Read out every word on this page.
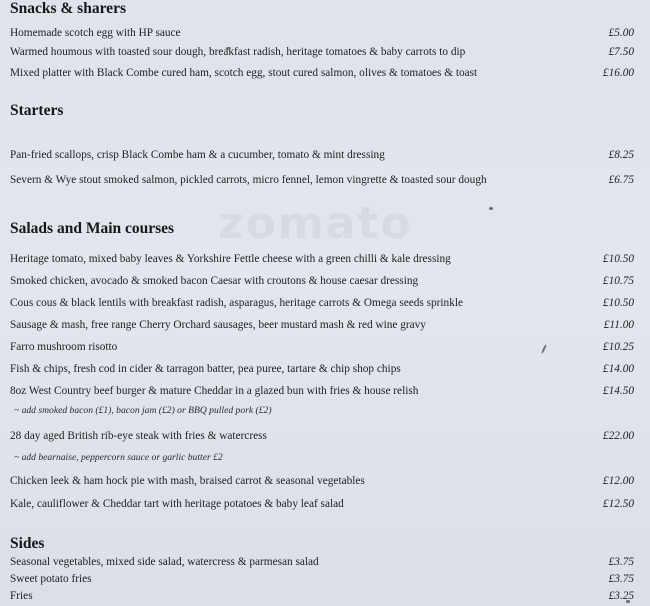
zomato
Snacks & sharers
Homemade scotch egg with HP sauce	£5.00
Warmed houmous with toasted sour dough, breakfast radish, heritage tomatoes & baby carrots to dip	£7.50
Mixed platter with Black Combe cured ham, scotch egg, stout cured salmon, olives & tomatoes & toast	£16.00
Starters
Pan-fried scallops, crisp Black Combe ham & a cucumber, tomato & mint dressing	£8.25
Severn & Wye stout smoked salmon, pickled carrots, micro fennel, lemon vingrette & toasted sour dough	£6.75
Salads and Main courses
Heritage tomato, mixed baby leaves & Yorkshire Fettle cheese with a green chilli & kale dressing	£10.50
Smoked chicken, avocado & smoked bacon Caesar with croutons & house caesar dressing	£10.75
Cous cous & black lentils with breakfast radish, asparagus, heritage carrots & Omega seeds sprinkle	£10.50
Sausage & mash, free range Cherry Orchard sausages, beer mustard mash & red wine gravy	£11.00
Farro mushroom risotto	£10.25
Fish & chips, fresh cod in cider & tarragon batter, pea puree, tartare & chip shop chips	£14.00
8oz West Country beef burger & mature Cheddar in a glazed bun with fries & house relish	£14.50
~ add smoked bacon (£1), bacon jam (£2) or BBQ pulled pork (£2)
28 day aged British rib-eye steak with fries & watercress	£22.00
~ add bearnaise, peppercorn sauce or garlic butter £2
Chicken leek & ham hock pie with mash, braised carrot & seasonal vegetables	£12.00
Kale, cauliflower & Cheddar tart with heritage potatoes & baby leaf salad	£12.50
Sides
Seasonal vegetables, mixed side salad, watercress & parmesan salad	£3.75
Sweet potato fries	£3.75
Fries	£3.25
